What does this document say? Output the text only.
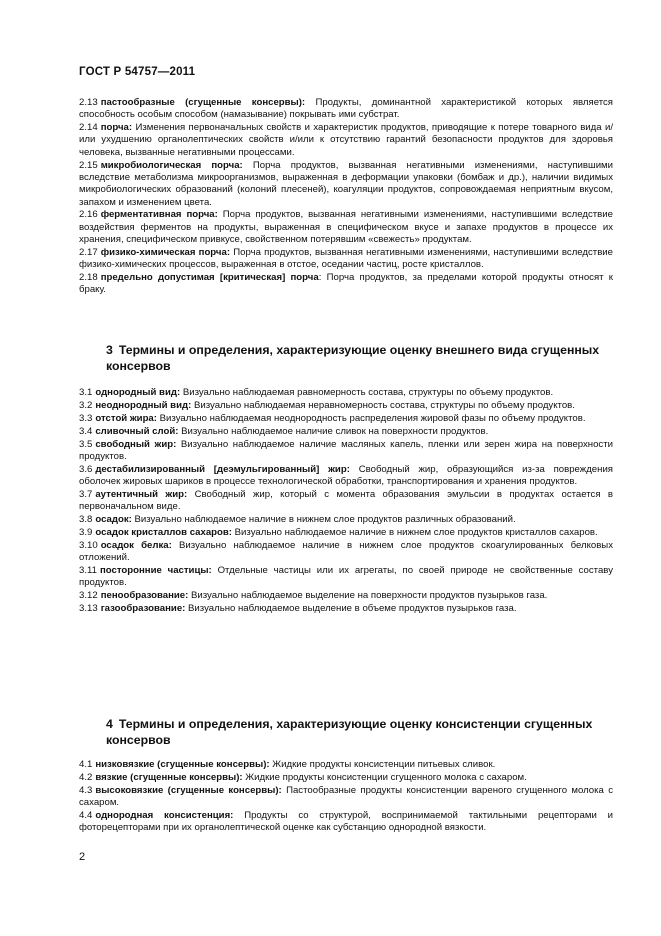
ГОСТ Р 54757—2011

2.13 пастообразные (сгущенные консервы): Продукты, доминантной характеристикой которых является способность особым способом (намазывание) покрывать ими субстрат.

2.14 порча: Изменения первоначальных свойств и характеристик продуктов, приводящие к потере товарного вида и/или ухудшению органолептических свойств и/или к отсутствию гарантий безопасности продуктов для здоровья человека, вызванные негативными процессами.

2.15 микробиологическая порча: Порча продуктов, вызванная негативными изменениями, наступившими вследствие метаболизма микроорганизмов, выраженная в деформации упаковки (бомбаж и др.), наличии видимых микробиологических образований (колоний плесеней), коагуляции продуктов, сопровождаемая неприятным вкусом, запахом и изменением цвета.

2.16 ферментативная порча: Порча продуктов, вызванная негативными изменениями, наступившими вследствие воздействия ферментов на продукты, выраженная в специфическом вкусе и запахе продуктов в процессе их хранения, специфическом привкусе, свойственном потерявшим «свежесть» продуктам.

2.17 физико-химическая порча: Порча продуктов, вызванная негативными изменениями, наступившими вследствие физико-химических процессов, выраженная в отстое, оседании частиц, росте кристаллов.

2.18 предельно допустимая [критическая] порча: Порча продуктов, за пределами которой продукты относят к браку.

3 Термины и определения, характеризующие оценку внешнего вида сгущенных консервов

3.1 однородный вид: Визуально наблюдаемая равномерность состава, структуры по объему продуктов.

3.2 неоднородный вид: Визуально наблюдаемая неравномерность состава, структуры по объему продуктов.

3.3 отстой жира: Визуально наблюдаемая неоднородность распределения жировой фазы по объему продуктов.

3.4 сливочный слой: Визуально наблюдаемое наличие сливок на поверхности продуктов.

3.5 свободный жир: Визуально наблюдаемое наличие масляных капель, пленки или зерен жира на поверхности продуктов.

3.6 дестабилизированный [деэмульгированный] жир: Свободный жир, образующийся из-за повреждения оболочек жировых шариков в процессе технологической обработки, транспортирования и хранения продуктов.

3.7 аутентичный жир: Свободный жир, который с момента образования эмульсии в продуктах остается в первоначальном виде.

3.8 осадок: Визуально наблюдаемое наличие в нижнем слое продуктов различных образований.

3.9 осадок кристаллов сахаров: Визуально наблюдаемое наличие в нижнем слое продуктов кристаллов сахаров.

3.10 осадок белка: Визуально наблюдаемое наличие в нижнем слое продуктов скоагулированных белковых отложений.

3.11 посторонние частицы: Отдельные частицы или их агрегаты, по своей природе не свойственные составу продуктов.

3.12 пенообразование: Визуально наблюдаемое выделение на поверхности продуктов пузырьков газа.

3.13 газообразование: Визуально наблюдаемое выделение в объеме продуктов пузырьков газа.

4 Термины и определения, характеризующие оценку консистенции сгущенных консервов

4.1 низковязкие (сгущенные консервы): Жидкие продукты консистенции питьевых сливок.

4.2 вязкие (сгущенные консервы): Жидкие продукты консистенции сгущенного молока с сахаром.

4.3 высоковязкие (сгущенные консервы): Пастообразные продукты консистенции вареного сгущенного молока с сахаром.

4.4 однородная консистенция: Продукты со структурой, воспринимаемой тактильными рецепторами и фоторецепторами при их органолептической оценке как субстанцию однородной вязкости.

2
